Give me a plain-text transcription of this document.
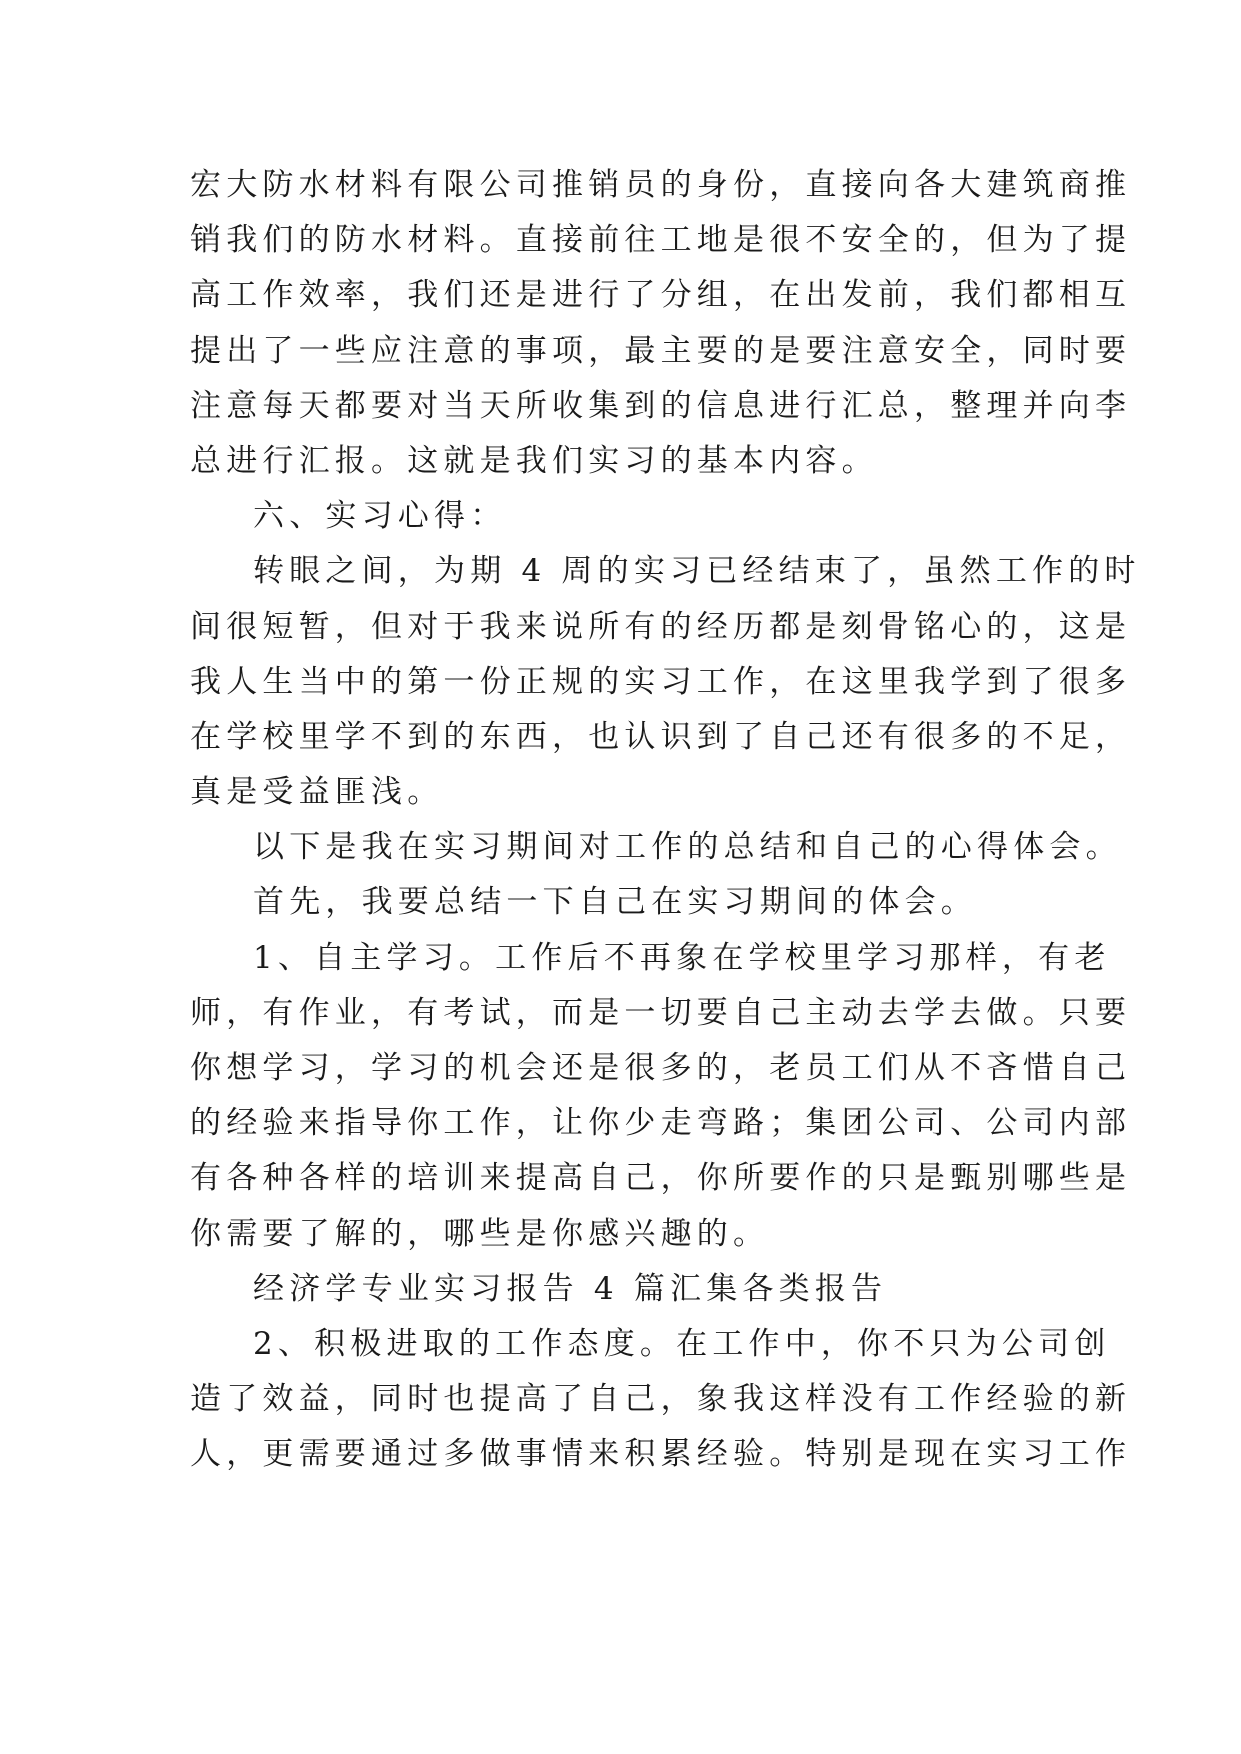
宏大防水材料有限公司推销员的身份，直接向各大建筑商推
销我们的防水材料。直接前往工地是很不安全的，但为了提
高工作效率，我们还是进行了分组，在出发前，我们都相互
提出了一些应注意的事项，最主要的是要注意安全，同时要
注意每天都要对当天所收集到的信息进行汇总，整理并向李
总进行汇报。这就是我们实习的基本内容。
六、实习心得：
转眼之间，为期 4 周的实习已经结束了，虽然工作的时
间很短暂，但对于我来说所有的经历都是刻骨铭心的，这是
我人生当中的第一份正规的实习工作，在这里我学到了很多
在学校里学不到的东西，也认识到了自己还有很多的不足，
真是受益匪浅。
以下是我在实习期间对工作的总结和自己的心得体会。
首先，我要总结一下自己在实习期间的体会。
1、自主学习。工作后不再象在学校里学习那样，有老
师，有作业，有考试，而是一切要自己主动去学去做。只要
你想学习，学习的机会还是很多的，老员工们从不吝惜自己
的经验来指导你工作，让你少走弯路；集团公司、公司内部
有各种各样的培训来提高自己，你所要作的只是甄别哪些是
你需要了解的，哪些是你感兴趣的。
经济学专业实习报告 4 篇汇集各类报告
2、积极进取的工作态度。在工作中，你不只为公司创
造了效益，同时也提高了自己，象我这样没有工作经验的新
人，更需要通过多做事情来积累经验。特别是现在实习工作
